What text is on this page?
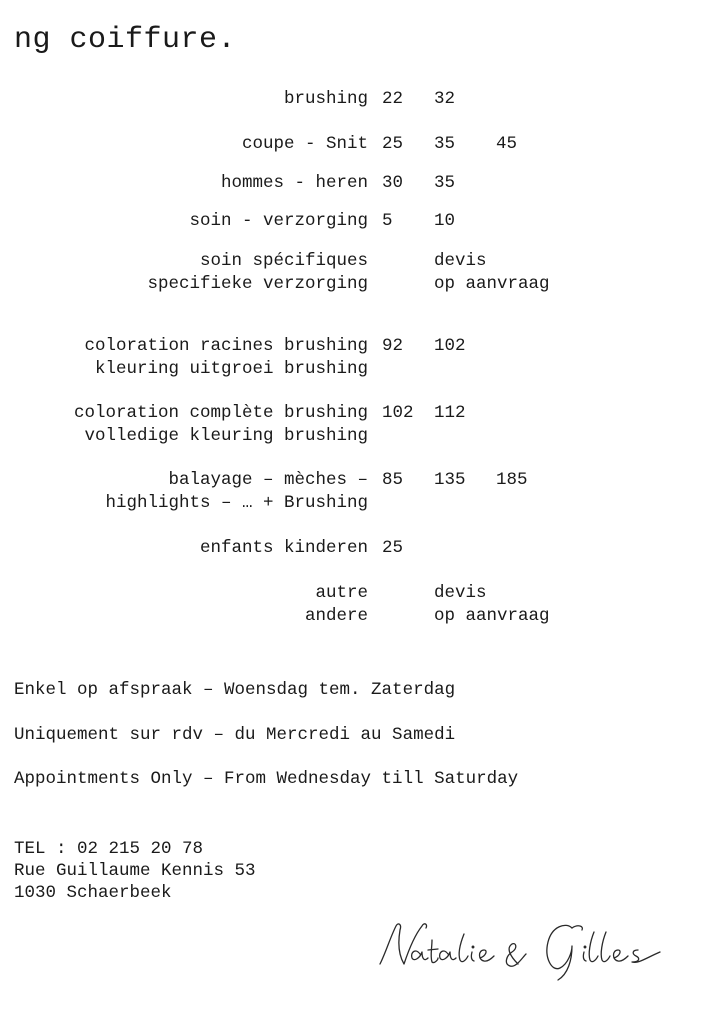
ng coiffure.
brushing 22 32
coupe - Snit 25 35 45
hommes - heren 30 35
soin - verzorging 5 10
soin spécifiques
specifieke verzorging
devis
op aanvraag
coloration racines brushing
kleuring uitgroei brushing
92 102
coloration complète brushing
volledige kleuring brushing
102 112
balayage – mèches –
highlights – … + Brushing
85 135 185
enfants kinderen 25
autre
andere
devis
op aanvraag
Enkel op afspraak – Woensdag tem. Zaterdag
Uniquement sur rdv – du Mercredi au Samedi
Appointments Only – From Wednesday till Saturday
TEL : 02 215 20 78
Rue Guillaume Kennis 53
1030 Schaerbeek
